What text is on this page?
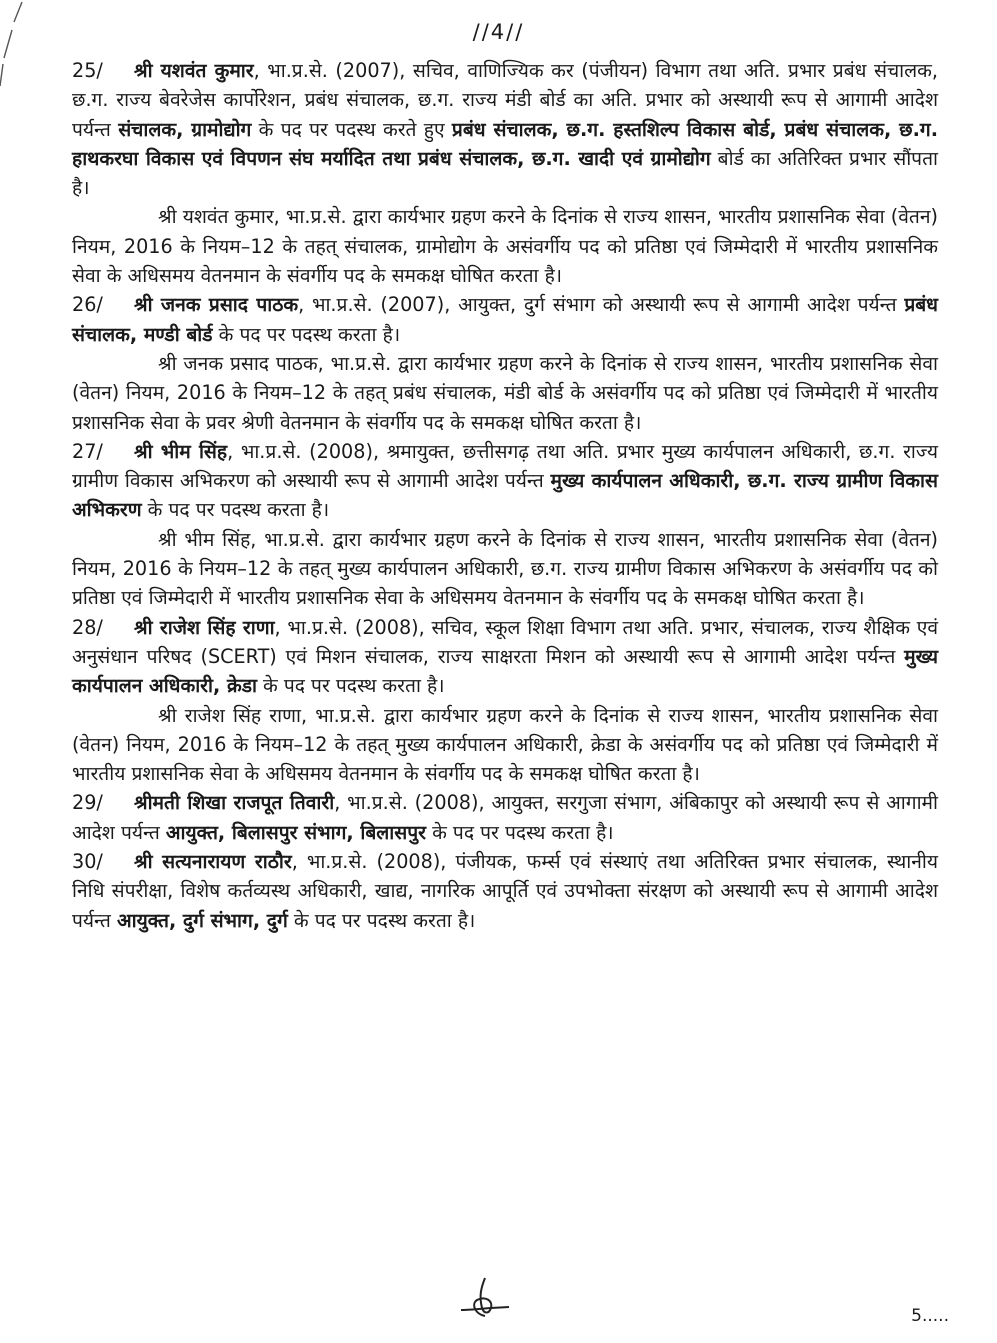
//4//

25/ श्री यशवंत कुमार, भा.प्र.से. (2007), सचिव, वाणिज्यिक कर (पंजीयन) विभाग तथा अति. प्रभार प्रबंध संचालक, छ.ग. राज्य बेवरेजेस कार्पोरेशन, प्रबंध संचालक, छ.ग. राज्य मंडी बोर्ड का अति. प्रभार को अस्थायी रूप से आगामी आदेश पर्यन्त संचालक, ग्रामोद्योग के पद पर पदस्थ करते हुए प्रबंध संचालक, छ.ग. हस्तशिल्प विकास बोर्ड, प्रबंध संचालक, छ.ग. हाथकरघा विकास एवं विपणन संघ मर्यादित तथा प्रबंध संचालक, छ.ग. खादी एवं ग्रामोद्योग बोर्ड का अतिरिक्त प्रभार सौंपता है।

श्री यशवंत कुमार, भा.प्र.से. द्वारा कार्यभार ग्रहण करने के दिनांक से राज्य शासन, भारतीय प्रशासनिक सेवा (वेतन) नियम, 2016 के नियम–12 के तहत् संचालक, ग्रामोद्योग के असंवर्गीय पद को प्रतिष्ठा एवं जिम्मेदारी में भारतीय प्रशासनिक सेवा के अधिसमय वेतनमान के संवर्गीय पद के समकक्ष घोषित करता है।

26/ श्री जनक प्रसाद पाठक, भा.प्र.से. (2007), आयुक्त, दुर्ग संभाग को अस्थायी रूप से आगामी आदेश पर्यन्त प्रबंध संचालक, मण्डी बोर्ड के पद पर पदस्थ करता है।

श्री जनक प्रसाद पाठक, भा.प्र.से. द्वारा कार्यभार ग्रहण करने के दिनांक से राज्य शासन, भारतीय प्रशासनिक सेवा (वेतन) नियम, 2016 के नियम–12 के तहत् प्रबंध संचालक, मंडी बोर्ड के असंवर्गीय पद को प्रतिष्ठा एवं जिम्मेदारी में भारतीय प्रशासनिक सेवा के प्रवर श्रेणी वेतनमान के संवर्गीय पद के समकक्ष घोषित करता है।

27/ श्री भीम सिंह, भा.प्र.से. (2008), श्रमायुक्त, छत्तीसगढ़ तथा अति. प्रभार मुख्य कार्यपालन अधिकारी, छ.ग. राज्य ग्रामीण विकास अभिकरण को अस्थायी रूप से आगामी आदेश पर्यन्त मुख्य कार्यपालन अधिकारी, छ.ग. राज्य ग्रामीण विकास अभिकरण के पद पर पदस्थ करता है।

श्री भीम सिंह, भा.प्र.से. द्वारा कार्यभार ग्रहण करने के दिनांक से राज्य शासन, भारतीय प्रशासनिक सेवा (वेतन) नियम, 2016 के नियम–12 के तहत् मुख्य कार्यपालन अधिकारी, छ.ग. राज्य ग्रामीण विकास अभिकरण के असंवर्गीय पद को प्रतिष्ठा एवं जिम्मेदारी में भारतीय प्रशासनिक सेवा के अधिसमय वेतनमान के संवर्गीय पद के समकक्ष घोषित करता है।

28/ श्री राजेश सिंह राणा, भा.प्र.से. (2008), सचिव, स्कूल शिक्षा विभाग तथा अति. प्रभार, संचालक, राज्य शैक्षिक एवं अनुसंधान परिषद (SCERT) एवं मिशन संचालक, राज्य साक्षरता मिशन को अस्थायी रूप से आगामी आदेश पर्यन्त मुख्य कार्यपालन अधिकारी, क्रेडा के पद पर पदस्थ करता है।

श्री राजेश सिंह राणा, भा.प्र.से. द्वारा कार्यभार ग्रहण करने के दिनांक से राज्य शासन, भारतीय प्रशासनिक सेवा (वेतन) नियम, 2016 के नियम–12 के तहत् मुख्य कार्यपालन अधिकारी, क्रेडा के असंवर्गीय पद को प्रतिष्ठा एवं जिम्मेदारी में भारतीय प्रशासनिक सेवा के अधिसमय वेतनमान के संवर्गीय पद के समकक्ष घोषित करता है।

29/ श्रीमती शिखा राजपूत तिवारी, भा.प्र.से. (2008), आयुक्त, सरगुजा संभाग, अंबिकापुर को अस्थायी रूप से आगामी आदेश पर्यन्त आयुक्त, बिलासपुर संभाग, बिलासपुर के पद पर पदस्थ करता है।

30/ श्री सत्यनारायण राठौर, भा.प्र.से. (2008), पंजीयक, फर्म्स एवं संस्थाएं तथा अतिरिक्त प्रभार संचालक, स्थानीय निधि संपरीक्षा, विशेष कर्तव्यस्थ अधिकारी, खाद्य, नागरिक आपूर्ति एवं उपभोक्ता संरक्षण को अस्थायी रूप से आगामी आदेश पर्यन्त आयुक्त, दुर्ग संभाग, दुर्ग के पद पर पदस्थ करता है।

5.....
